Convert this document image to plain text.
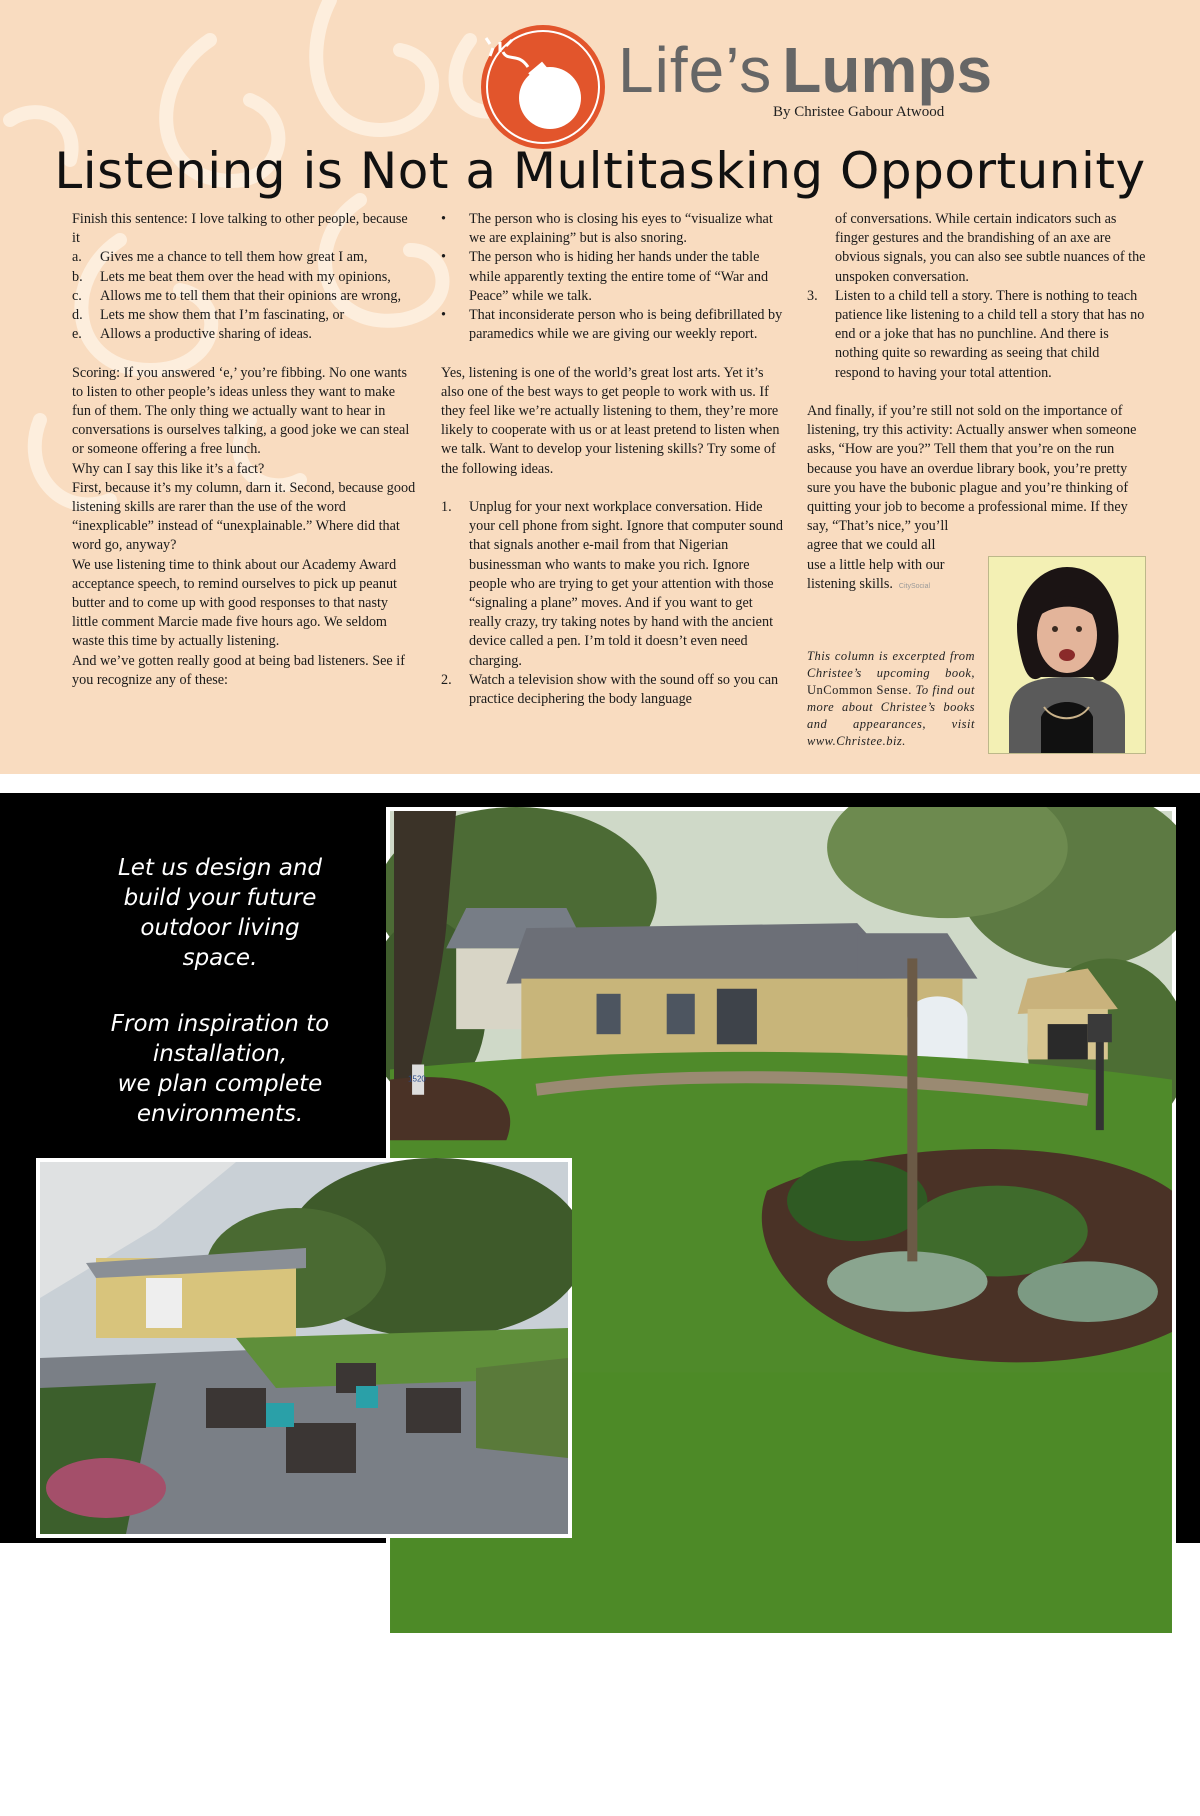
Life’s Lumps
By Christee Gabour Atwood
Listening is Not a Multitasking Opportunity

Finish this sentence: I love talking to other people, because it

a. Gives me a chance to tell them how great I am,
b. Lets me beat them over the head with my opinions,
c. Allows me to tell them that their opinions are wrong,
d. Lets me show them that I’m fascinating, or
e. Allows a productive sharing of ideas.

Scoring: If you answered ‘e,’ you’re fibbing. No one wants to listen to other people’s ideas unless they want to make fun of them. The only thing we actually want to hear in conversations is ourselves talking, a good joke we can steal or someone offering a free lunch.

Why can I say this like it’s a fact?

First, because it’s my column, darn it. Second, because good listening skills are rarer than the use of the word “inexplicable” instead of “unexplainable.” Where did that word go, anyway?

We use listening time to think about our Academy Award acceptance speech, to remind ourselves to pick up peanut butter and to come up with good responses to that nasty little comment Marcie made five hours ago. We seldom waste this time by actually listening.

And we’ve gotten really good at being bad listeners. See if you recognize any of these:

• The person who is closing his eyes to “visualize what we are explaining” but is also snoring.
• The person who is hiding her hands under the table while apparently texting the entire tome of “War and Peace” while we talk.
• That inconsiderate person who is being defibrillated by paramedics while we are giving our weekly report.

Yes, listening is one of the world’s great lost arts. Yet it’s also one of the best ways to get people to work with us. If they feel like we’re actually listening to them, they’re more likely to cooperate with us or at least pretend to listen when we talk. Want to develop your listening skills? Try some of the following ideas.

1. Unplug for your next workplace conversation. Hide your cell phone from sight. Ignore that computer sound that signals another e-mail from that Nigerian businessman who wants to make you rich. Ignore people who are trying to get your attention with those “signaling a plane” moves. And if you want to get really crazy, try taking notes by hand with the ancient device called a pen. I’m told it doesn’t even need charging.
2. Watch a television show with the sound off so you can practice deciphering the body language

of conversations. While certain indicators such as finger gestures and the brandishing of an axe are obvious signals, you can also see subtle nuances of the unspoken conversation.

3. Listen to a child tell a story. There is nothing to teach patience like listening to a child tell a story that has no end or a joke that has no punchline. And there is nothing quite so rewarding as seeing that child respond to having your total attention.

And finally, if you’re still not sold on the importance of listening, try this activity: Actually answer when someone asks, “How are you?” Tell them that you’re on the run because you have an overdue library book, you’re pretty sure you have the bubonic plague and you’re thinking of quitting your job to become a professional mime. If they

say, “That’s nice,” you’ll

agree that we could all

use a little help with our

listening skills. CitySocial

This column is excerpted from Christee’s upcoming book, UnCommon Sense. To find out more about Christee’s books and appearances, visit www.Christee.biz.
Let us design and
build your future
outdoor living
space.
From inspiration to
installation,
we plan complete
environments.
1520
Eduardo J. Jenkins
Landscape Architect and Planner, LLC
1119 North Blvd. Baton Rouge, LA 70802
www.edjenkins.com • Email: edjenkins@edjenkins.com
(225) 343-0571
